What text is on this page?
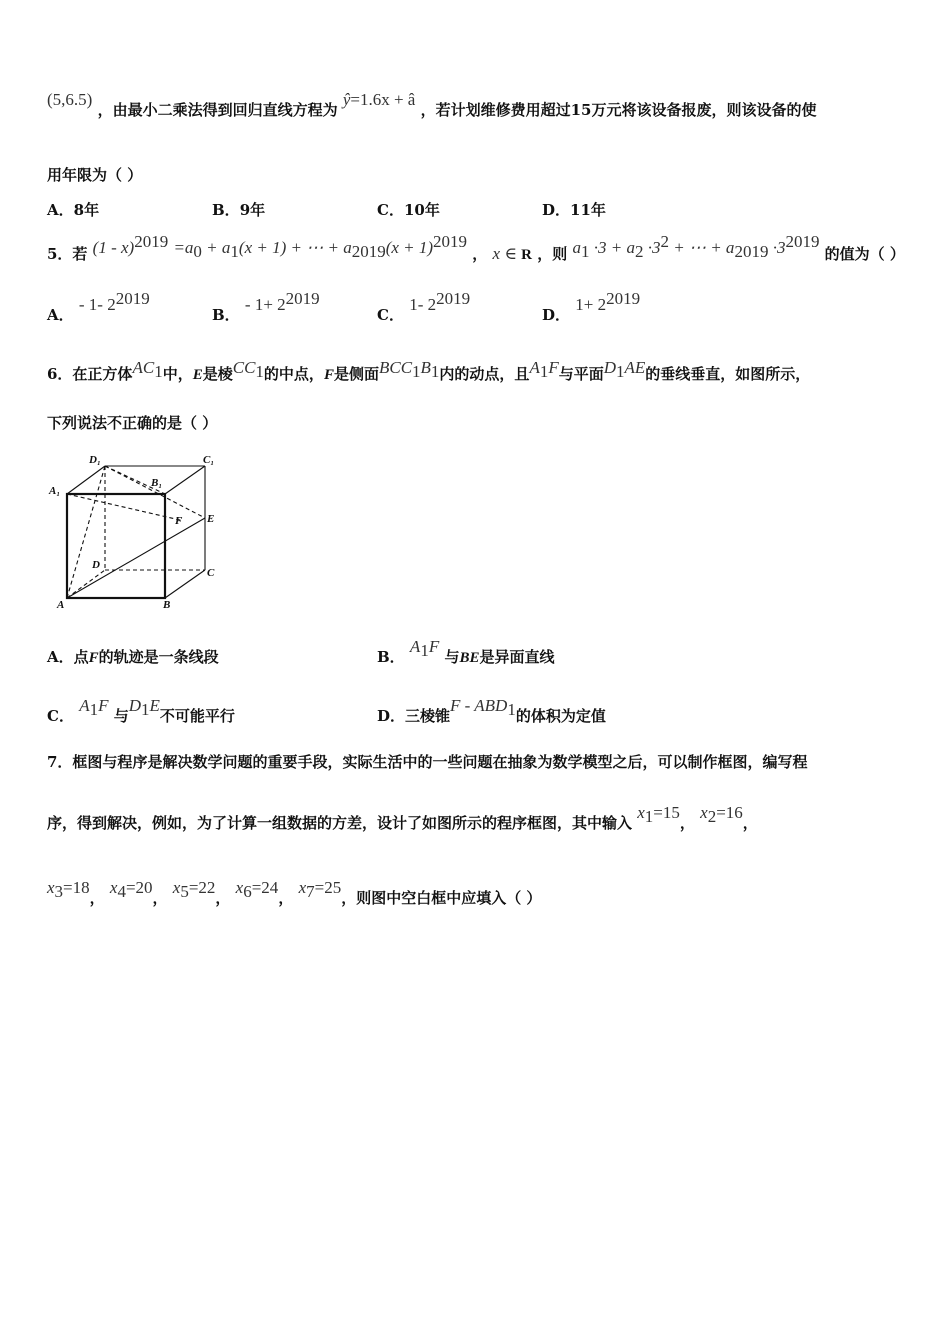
(5,6.5) ，由最小二乘法得到回归直线方程为 ŷ=1.6x + â ，若计划维修费用超过15万元将该设备报废，则该设备的使
用年限为（ ）
A．8年	B．9年	C．10年	D．11年
5．若 $(1 - x)^{2019} =a_0 + a_1(x + 1)$ + ⋯ + $a_{2019}(x + 1)^{2019}$ ， x ∈ R ，则 $a_1 \cdot 3 + a_2 \cdot 3^2$ + ⋯ + $a_{2019} \cdot 3^{2019}$ 的值为（ ）
A． - 1- $2^{2019}$
B． - $1+ 2^{2019}$
C． 1- $2^{2019}$
D． $1+ 2^{2019}$
6．在正方体$AC_1$中，E是棱$CC_1$的中点，F是侧面$BCC_1B_1$内的动点，且$A_1F$与平面$D_1AE$的垂线垂直，如图所示，
下列说法不正确的是（ ）
D₁	C₁
A₁
B₁
F E
D
C
A	B
A．点F的轨迹是一条线段	B． $A_1F$ 与BE是异面直线
C． $A_1F$ 与$D_1E$不可能平行	D．三棱锥F - $ABD_1$的体积为定值
7．框图与程序是解决数学问题的重要手段，实际生活中的一些问题在抽象为数学模型之后，可以制作框图，编写程
序，得到解决，例如，为了计算一组数据的方差，设计了如图所示的程序框图，其中输入 $x_1=15$， $x_2=16$，
$x_3=18$， $x_4=20$， $x_5=22$， $x_6=24$， $x_7=25$，则图中空白框中应填入（ ）
